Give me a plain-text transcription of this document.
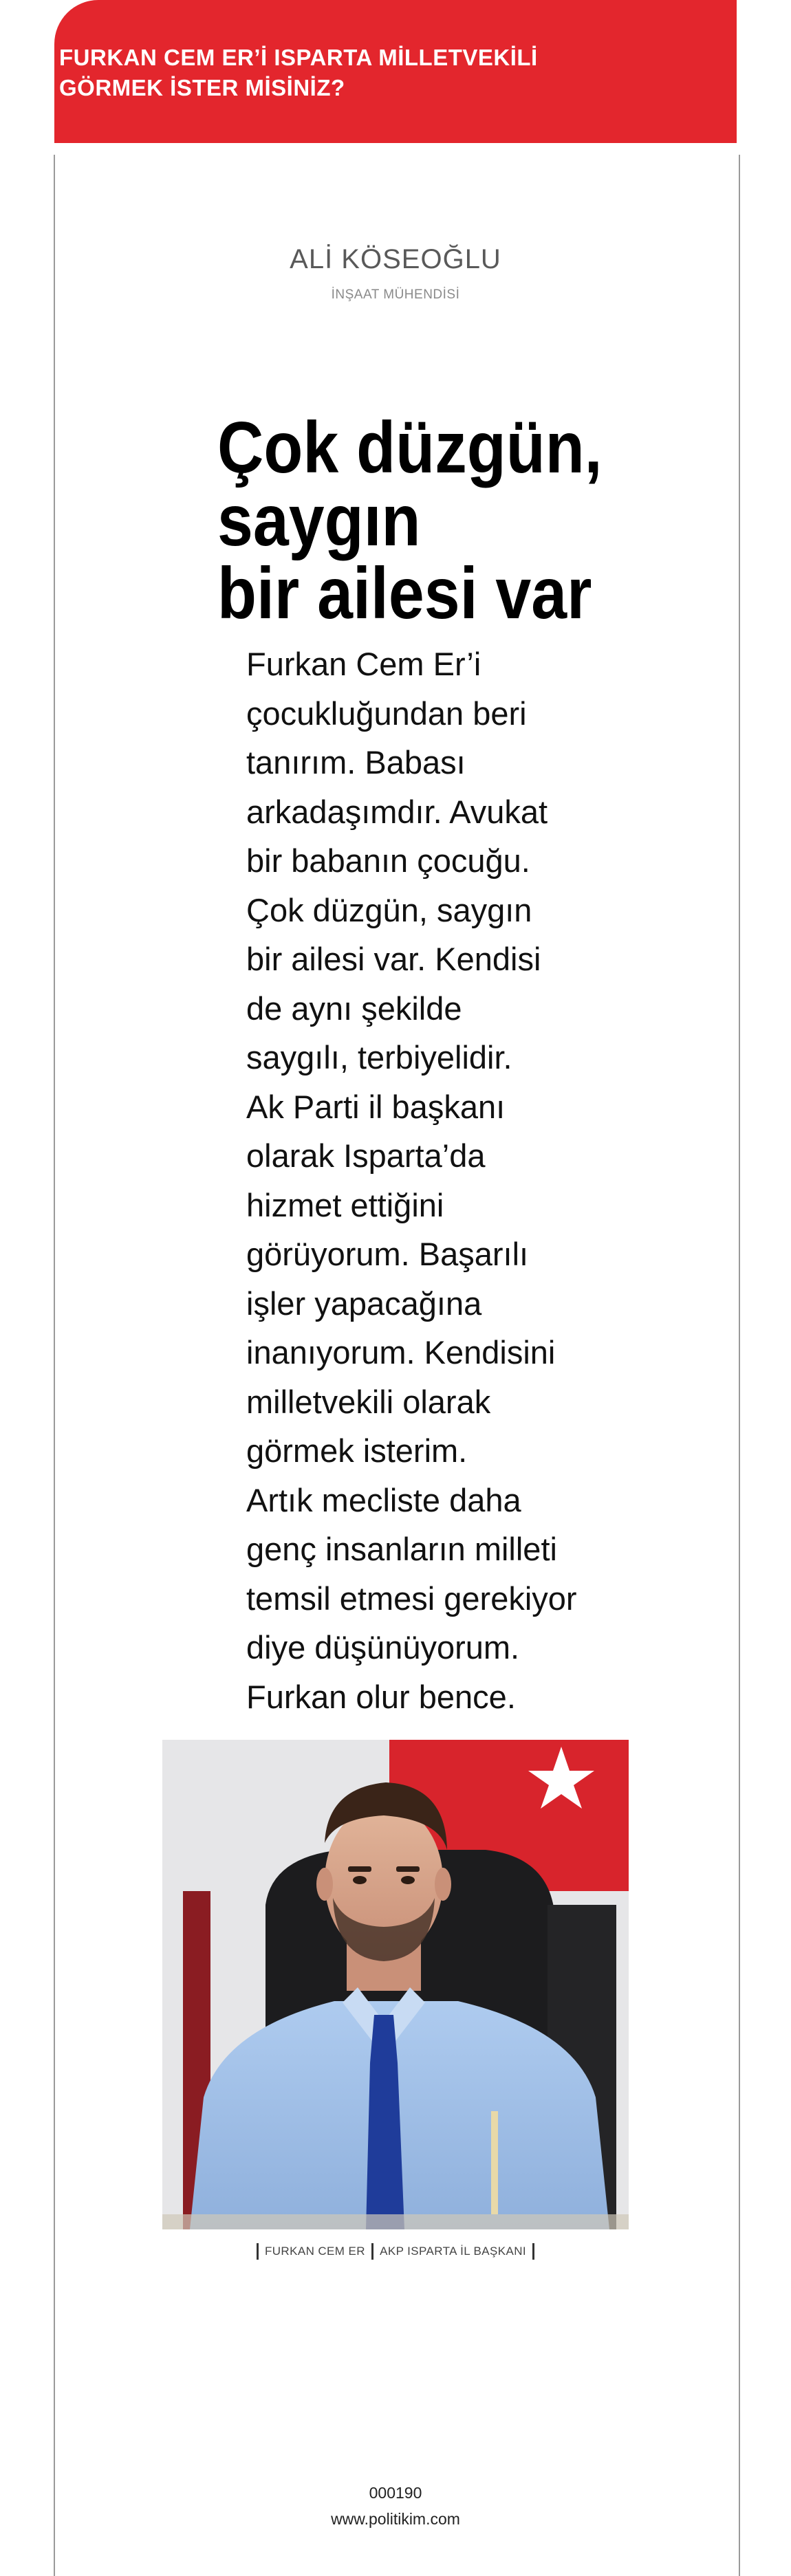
FURKAN CEM ER’İ ISPARTA MİLLETVEKİLİ
GÖRMEK İSTER MİSİNİZ?
ALİ KÖSEOĞLU
İNŞAAT MÜHENDİSİ
Çok düzgün,
saygın
bir ailesi var
Furkan Cem Er’i
çocukluğundan beri
tanırım. Babası
arkadaşımdır. Avukat
bir babanın çocuğu.
Çok düzgün, saygın
bir ailesi var. Kendisi
de aynı şekilde
saygılı, terbiyelidir.
Ak Parti il başkanı
olarak Isparta’da
hizmet ettiğini
görüyorum. Başarılı
işler yapacağına
inanıyorum. Kendisini
milletvekili olarak
görmek isterim.
Artık mecliste daha
genç insanların milleti
temsil etmesi gerekiyor
diye düşünüyorum.
Furkan olur bence.
FURKAN CEM ER AKP ISPARTA İL BAŞKANI
000190
www.politikim.com
